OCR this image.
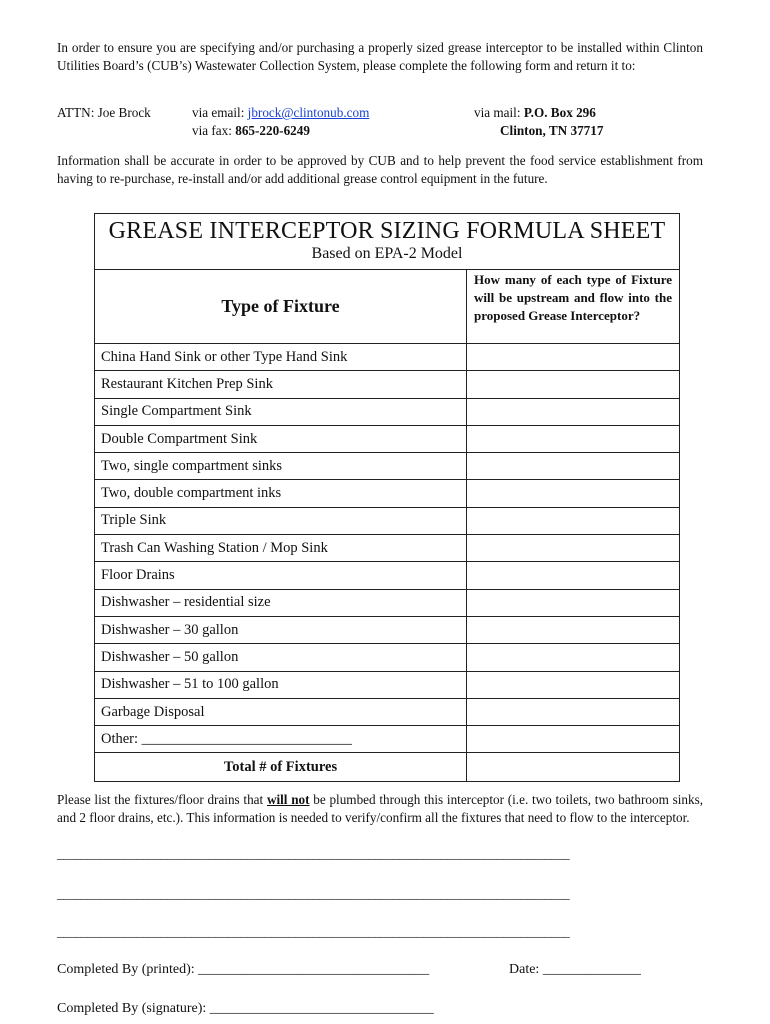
In order to ensure you are specifying and/or purchasing a properly sized grease interceptor to be installed within Clinton Utilities Board’s (CUB’s) Wastewater Collection System, please complete the following form and return it to:
ATTN: Joe Brock	via email: jbrock@clintonub.com
via fax: 865-220-6249
via mail: P.O. Box 296
Clinton, TN 37717
Information shall be accurate in order to be approved by CUB and to help prevent the food service establishment from having to re-purchase, re-install and/or add additional grease control equipment in the future.
GREASE INTERCEPTOR SIZING FORMULA SHEET
Based on EPA-2 Model
Type of Fixture
How many of each type of Fixture will be upstream and flow into the proposed Grease Interceptor?
China Hand Sink or other Type Hand Sink
Restaurant Kitchen Prep Sink
Single Compartment Sink
Double Compartment Sink
Two, single compartment sinks
Two, double compartment inks
Triple Sink
Trash Can Washing Station / Mop Sink
Floor Drains
Dishwasher – residential size
Dishwasher – 30 gallon
Dishwasher – 50 gallon
Dishwasher – 51 to 100 gallon
Garbage Disposal
Other: _____________________________
Total # of Fixtures
Please list the fixtures/floor drains that will not be plumbed through this interceptor (i.e. two toilets, two bathroom sinks, and 2 floor drains, etc.). This information is needed to verify/confirm all the fixtures that need to flow to the interceptor.
____________________________________________________________________________________
____________________________________________________________________________________
____________________________________________________________________________________
Completed By (printed): _________________________________	Date: ______________
Completed By (signature): ________________________________
